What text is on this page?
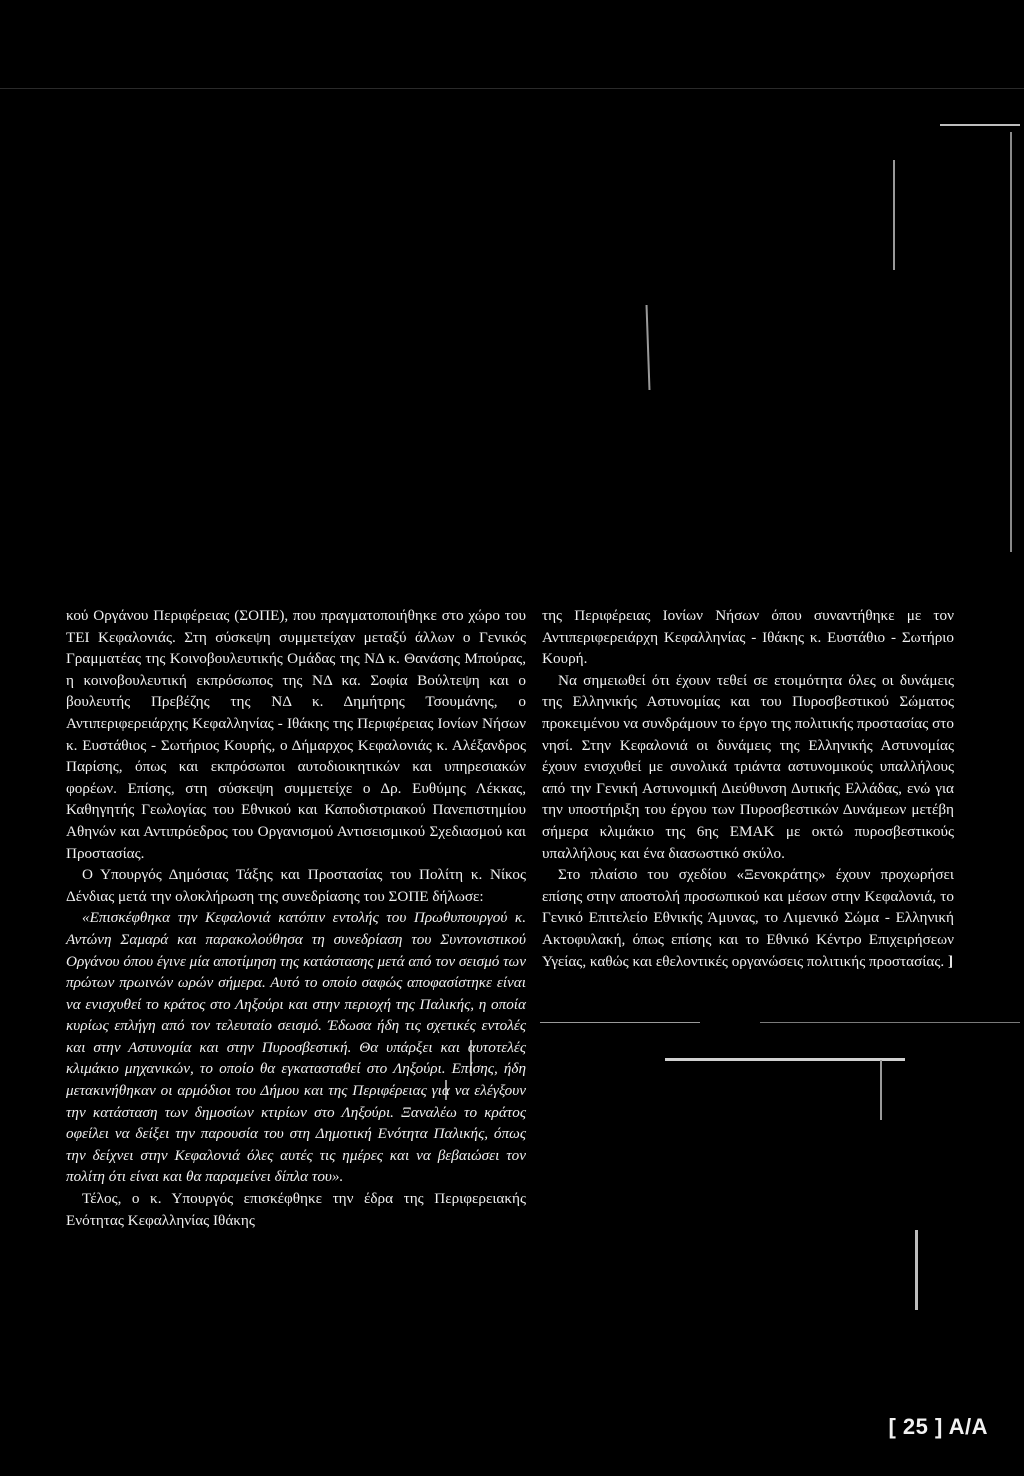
κού Οργάνου Περιφέρειας (ΣΟΠΕ), που πραγματοποιήθηκε στο χώρο του ΤΕΙ Κεφαλονιάς. Στη σύσκεψη συμμετείχαν μεταξύ άλλων ο Γενικός Γραμματέας της Κοινοβουλευτικής Ομάδας της ΝΔ κ. Θανάσης Μπούρας, η κοινοβουλευτική εκπρόσωπος της ΝΔ κα. Σοφία Βούλτεψη και ο βουλευτής Πρεβέζης της ΝΔ κ. Δημήτρης Τσουμάνης, ο Αντιπεριφερειάρχης Κεφαλληνίας - Ιθάκης της Περιφέρειας Ιονίων Νήσων κ. Ευστάθιος - Σωτήριος Κουρής, ο Δήμαρχος Κεφαλονιάς κ. Αλέξανδρος Παρίσης, όπως και εκπρόσωποι αυτοδιοικητικών και υπηρεσιακών φορέων. Επίσης, στη σύσκεψη συμμετείχε ο Δρ. Ευθύμης Λέκκας, Καθηγητής Γεωλογίας του Εθνικού και Καποδιστριακού Πανεπιστημίου Αθηνών και Αντιπρόεδρος του Οργανισμού Αντισεισμικού Σχεδιασμού και Προστασίας.

Ο Υπουργός Δημόσιας Τάξης και Προστασίας του Πολίτη κ. Νίκος Δένδιας μετά την ολοκλήρωση της συνεδρίασης του ΣΟΠΕ δήλωσε:

«Επισκέφθηκα την Κεφαλονιά κατόπιν εντολής του Πρωθυπουργού κ. Αντώνη Σαμαρά και παρακολούθησα τη συνεδρίαση του Συντονιστικού Οργάνου όπου έγινε μία αποτίμηση της κατάστασης μετά από τον σεισμό των πρώτων πρωινών ωρών σήμερα. Αυτό το οποίο σαφώς αποφασίστηκε είναι να ενισχυθεί το κράτος στο Ληξούρι και στην περιοχή της Παλικής, η οποία κυρίως επλήγη από τον τελευταίο σεισμό. Έδωσα ήδη τις σχετικές εντολές και στην Αστυνομία και στην Πυροσβεστική. Θα υπάρξει και αυτοτελές κλιμάκιο μηχανικών, το οποίο θα εγκατασταθεί στο Ληξούρι. Επίσης, ήδη μετακινήθηκαν οι αρμόδιοι του Δήμου και της Περιφέρειας για να ελέγξουν την κατάσταση των δημοσίων κτιρίων στο Ληξούρι. Ξαναλέω το κράτος οφείλει να δείξει την παρουσία του στη Δημοτική Ενότητα Παλικής, όπως την δείχνει στην Κεφαλονιά όλες αυτές τις ημέρες και να βεβαιώσει τον πολίτη ότι είναι και θα παραμείνει δίπλα του».

Τέλος, ο κ. Υπουργός επισκέφθηκε την έδρα της Περιφερειακής Ενότητας Κεφαλληνίας Ιθάκης

της Περιφέρειας Ιονίων Νήσων όπου συναντήθηκε με τον Αντιπεριφερειάρχη Κεφαλληνίας - Ιθάκης κ. Ευστάθιο - Σωτήριο Κουρή.

Να σημειωθεί ότι έχουν τεθεί σε ετοιμότητα όλες οι δυνάμεις της Ελληνικής Αστυνομίας και του Πυροσβεστικού Σώματος προκειμένου να συνδράμουν το έργο της πολιτικής προστασίας στο νησί. Στην Κεφαλονιά οι δυνάμεις της Ελληνικής Αστυνομίας έχουν ενισχυθεί με συνολικά τριάντα αστυνομικούς υπαλλήλους από την Γενική Αστυνομική Διεύθυνση Δυτικής Ελλάδας, ενώ για την υποστήριξη του έργου των Πυροσβεστικών Δυνάμεων μετέβη σήμερα κλιμάκιο της 6ης ΕΜΑΚ με οκτώ πυροσβεστικούς υπαλλήλους και ένα διασωστικό σκύλο.

Στο πλαίσιο του σχεδίου «Ξενοκράτης» έχουν προχωρήσει επίσης στην αποστολή προσωπικού και μέσων στην Κεφαλονιά, το Γενικό Επιτελείο Εθνικής Άμυνας, το Λιμενικό Σώμα - Ελληνική Ακτοφυλακή, όπως επίσης και το Εθνικό Κέντρο Επιχειρήσεων Υγείας, καθώς και εθελοντικές οργανώσεις πολιτικής προστασίας. ]

[ 25 ] A/A
